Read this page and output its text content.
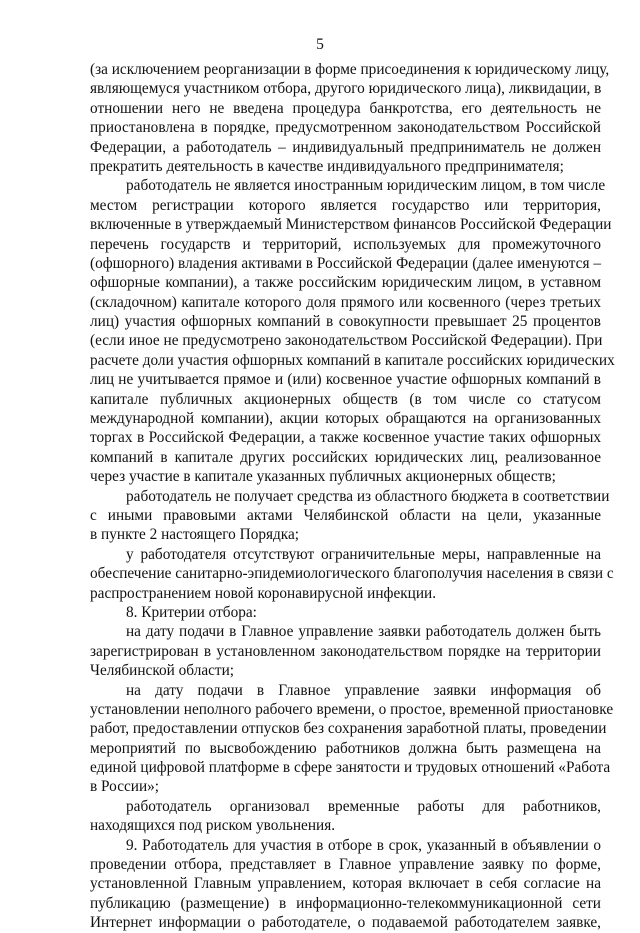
5
(за исключением реорганизации в форме присоединения к юридическому лицу,
являющемуся участником отбора, другого юридического лица), ликвидации, в
отношении него не введена процедура банкротства, его деятельность не
приостановлена в порядке, предусмотренном законодательством Российской
Федерации, а работодатель – индивидуальный предприниматель не должен
прекратить деятельность в качестве индивидуального предпринимателя;
работодатель не является иностранным юридическим лицом, в том числе
местом регистрации которого является государство или территория,
включенные в утверждаемый Министерством финансов Российской Федерации
перечень государств и территорий, используемых для промежуточного
(офшорного) владения активами в Российской Федерации (далее именуются –
офшорные компании), а также российским юридическим лицом, в уставном
(складочном) капитале которого доля прямого или косвенного (через третьих
лиц) участия офшорных компаний в совокупности превышает 25 процентов
(если иное не предусмотрено законодательством Российской Федерации). При
расчете доли участия офшорных компаний в капитале российских юридических
лиц не учитывается прямое и (или) косвенное участие офшорных компаний в
капитале публичных акционерных обществ (в том числе со статусом
международной компании), акции которых обращаются на организованных
торгах в Российской Федерации, а также косвенное участие таких офшорных
компаний в капитале других российских юридических лиц, реализованное
через участие в капитале указанных публичных акционерных обществ;
работодатель не получает средства из областного бюджета в соответствии
с иными правовыми актами Челябинской области на цели, указанные
в пункте 2 настоящего Порядка;
у работодателя отсутствуют ограничительные меры, направленные на
обеспечение санитарно-эпидемиологического благополучия населения в связи с
распространением новой коронавирусной инфекции.
8. Критерии отбора:
на дату подачи в Главное управление заявки работодатель должен быть
зарегистрирован в установленном законодательством порядке на территории
Челябинской области;
на дату подачи в Главное управление заявки информация об
установлении неполного рабочего времени, о простое, временной приостановке
работ, предоставлении отпусков без сохранения заработной платы, проведении
мероприятий по высвобождению работников должна быть размещена на
единой цифровой платформе в сфере занятости и трудовых отношений «Работа
в России»;
работодатель организовал временные работы для работников,
находящихся под риском увольнения.
9. Работодатель для участия в отборе в срок, указанный в объявлении о
проведении отбора, представляет в Главное управление заявку по форме,
установленной Главным управлением, которая включает в себя согласие на
публикацию (размещение) в информационно-телекоммуникационной сети
Интернет информации о работодателе, о подаваемой работодателем заявке,
